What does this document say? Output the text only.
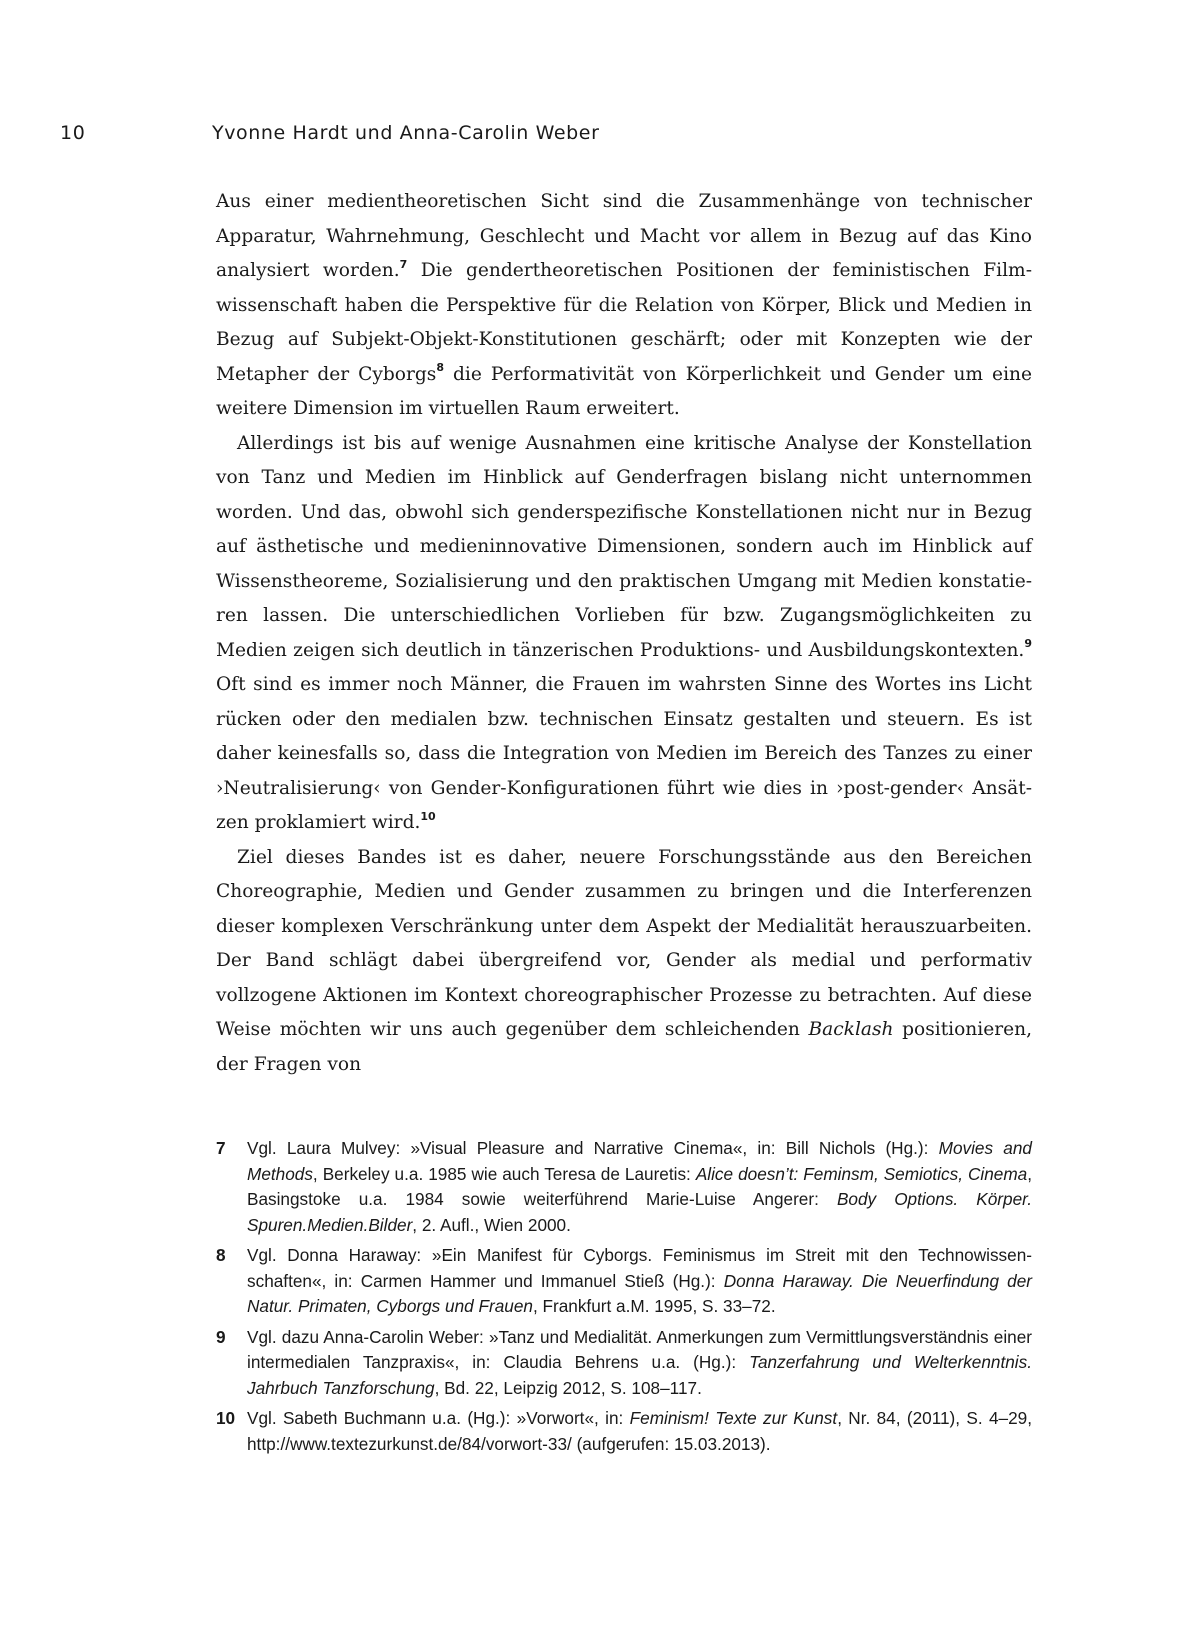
10	Yvonne Hardt und Anna-Carolin Weber

Aus einer medientheoretischen Sicht sind die Zusammenhänge von technischer Apparatur, Wahrnehmung, Geschlecht und Macht vor allem in Bezug auf das Kino analysiert worden.$^7$ Die gendertheoretischen Positionen der feministischen Filmwissenschaft haben die Perspektive für die Relation von Körper, Blick und Medien in Bezug auf Subjekt-Objekt-Konstitutionen geschärft; oder mit Konzepten wie der Metapher der Cyborgs$^8$ die Performativität von Körperlichkeit und Gender um eine weitere Dimension im virtuellen Raum erweitert.

Allerdings ist bis auf wenige Ausnahmen eine kritische Analyse der Konstellation von Tanz und Medien im Hinblick auf Genderfragen bislang nicht unternommen worden. Und das, obwohl sich genderspezifische Konstellationen nicht nur in Bezug auf ästhetische und medieninnovative Dimensionen, sondern auch im Hinblick auf Wissenstheoreme, Sozialisierung und den praktischen Umgang mit Medien konstatieren lassen. Die unterschiedlichen Vorlieben für bzw. Zugangsmöglichkeiten zu Medien zeigen sich deutlich in tänzerischen Produktions- und Ausbildungskontexten.$^9$ Oft sind es immer noch Männer, die Frauen im wahrsten Sinne des Wortes ins Licht rücken oder den medialen bzw. technischen Einsatz gestalten und steuern. Es ist daher keinesfalls so, dass die Integration von Medien im Bereich des Tanzes zu einer ›Neutralisierung‹ von Gender-Konfigurationen führt wie dies in ›post-gender‹ Ansätzen proklamiert wird.$^{10}$

Ziel dieses Bandes ist es daher, neuere Forschungsstände aus den Bereichen Choreographie, Medien und Gender zusammen zu bringen und die Interferenzen dieser komplexen Verschränkung unter dem Aspekt der Medialität herauszuarbeiten. Der Band schlägt dabei übergreifend vor, Gender als medial und performativ vollzogene Aktionen im Kontext choreographischer Prozesse zu betrachten. Auf diese Weise möchten wir uns auch gegenüber dem schleichenden Backlash positionieren, der Fragen von

7 Vgl. Laura Mulvey: »Visual Pleasure and Narrative Cinema«, in: Bill Nichols (Hg.): Movies and Methods, Berkeley u.a. 1985 wie auch Teresa de Lauretis: Alice doesn’t: Feminsm, Semiotics, Cinema, Basingstoke u.a. 1984 sowie weiterführend Marie-Luise Angerer: Body Options. Körper. Spuren.Medien.Bilder, 2. Aufl., Wien 2000.
8 Vgl. Donna Haraway: »Ein Manifest für Cyborgs. Feminismus im Streit mit den Technowissenschaften«, in: Carmen Hammer und Immanuel Stieß (Hg.): Donna Haraway. Die Neuerfindung der Natur. Primaten, Cyborgs und Frauen, Frankfurt a.M. 1995, S. 33–72.
9 Vgl. dazu Anna-Carolin Weber: »Tanz und Medialität. Anmerkungen zum Vermittlungsverständnis einer intermedialen Tanzpraxis«, in: Claudia Behrens u.a. (Hg.): Tanzerfahrung und Welterkenntnis. Jahrbuch Tanzforschung, Bd. 22, Leipzig 2012, S. 108–117.
10 Vgl. Sabeth Buchmann u.a. (Hg.): »Vorwort«, in: Feminism! Texte zur Kunst, Nr. 84, (2011), S. 4–29, http://www.textezurkunst.de/84/vorwort-33/ (aufgerufen: 15.03.2013).
